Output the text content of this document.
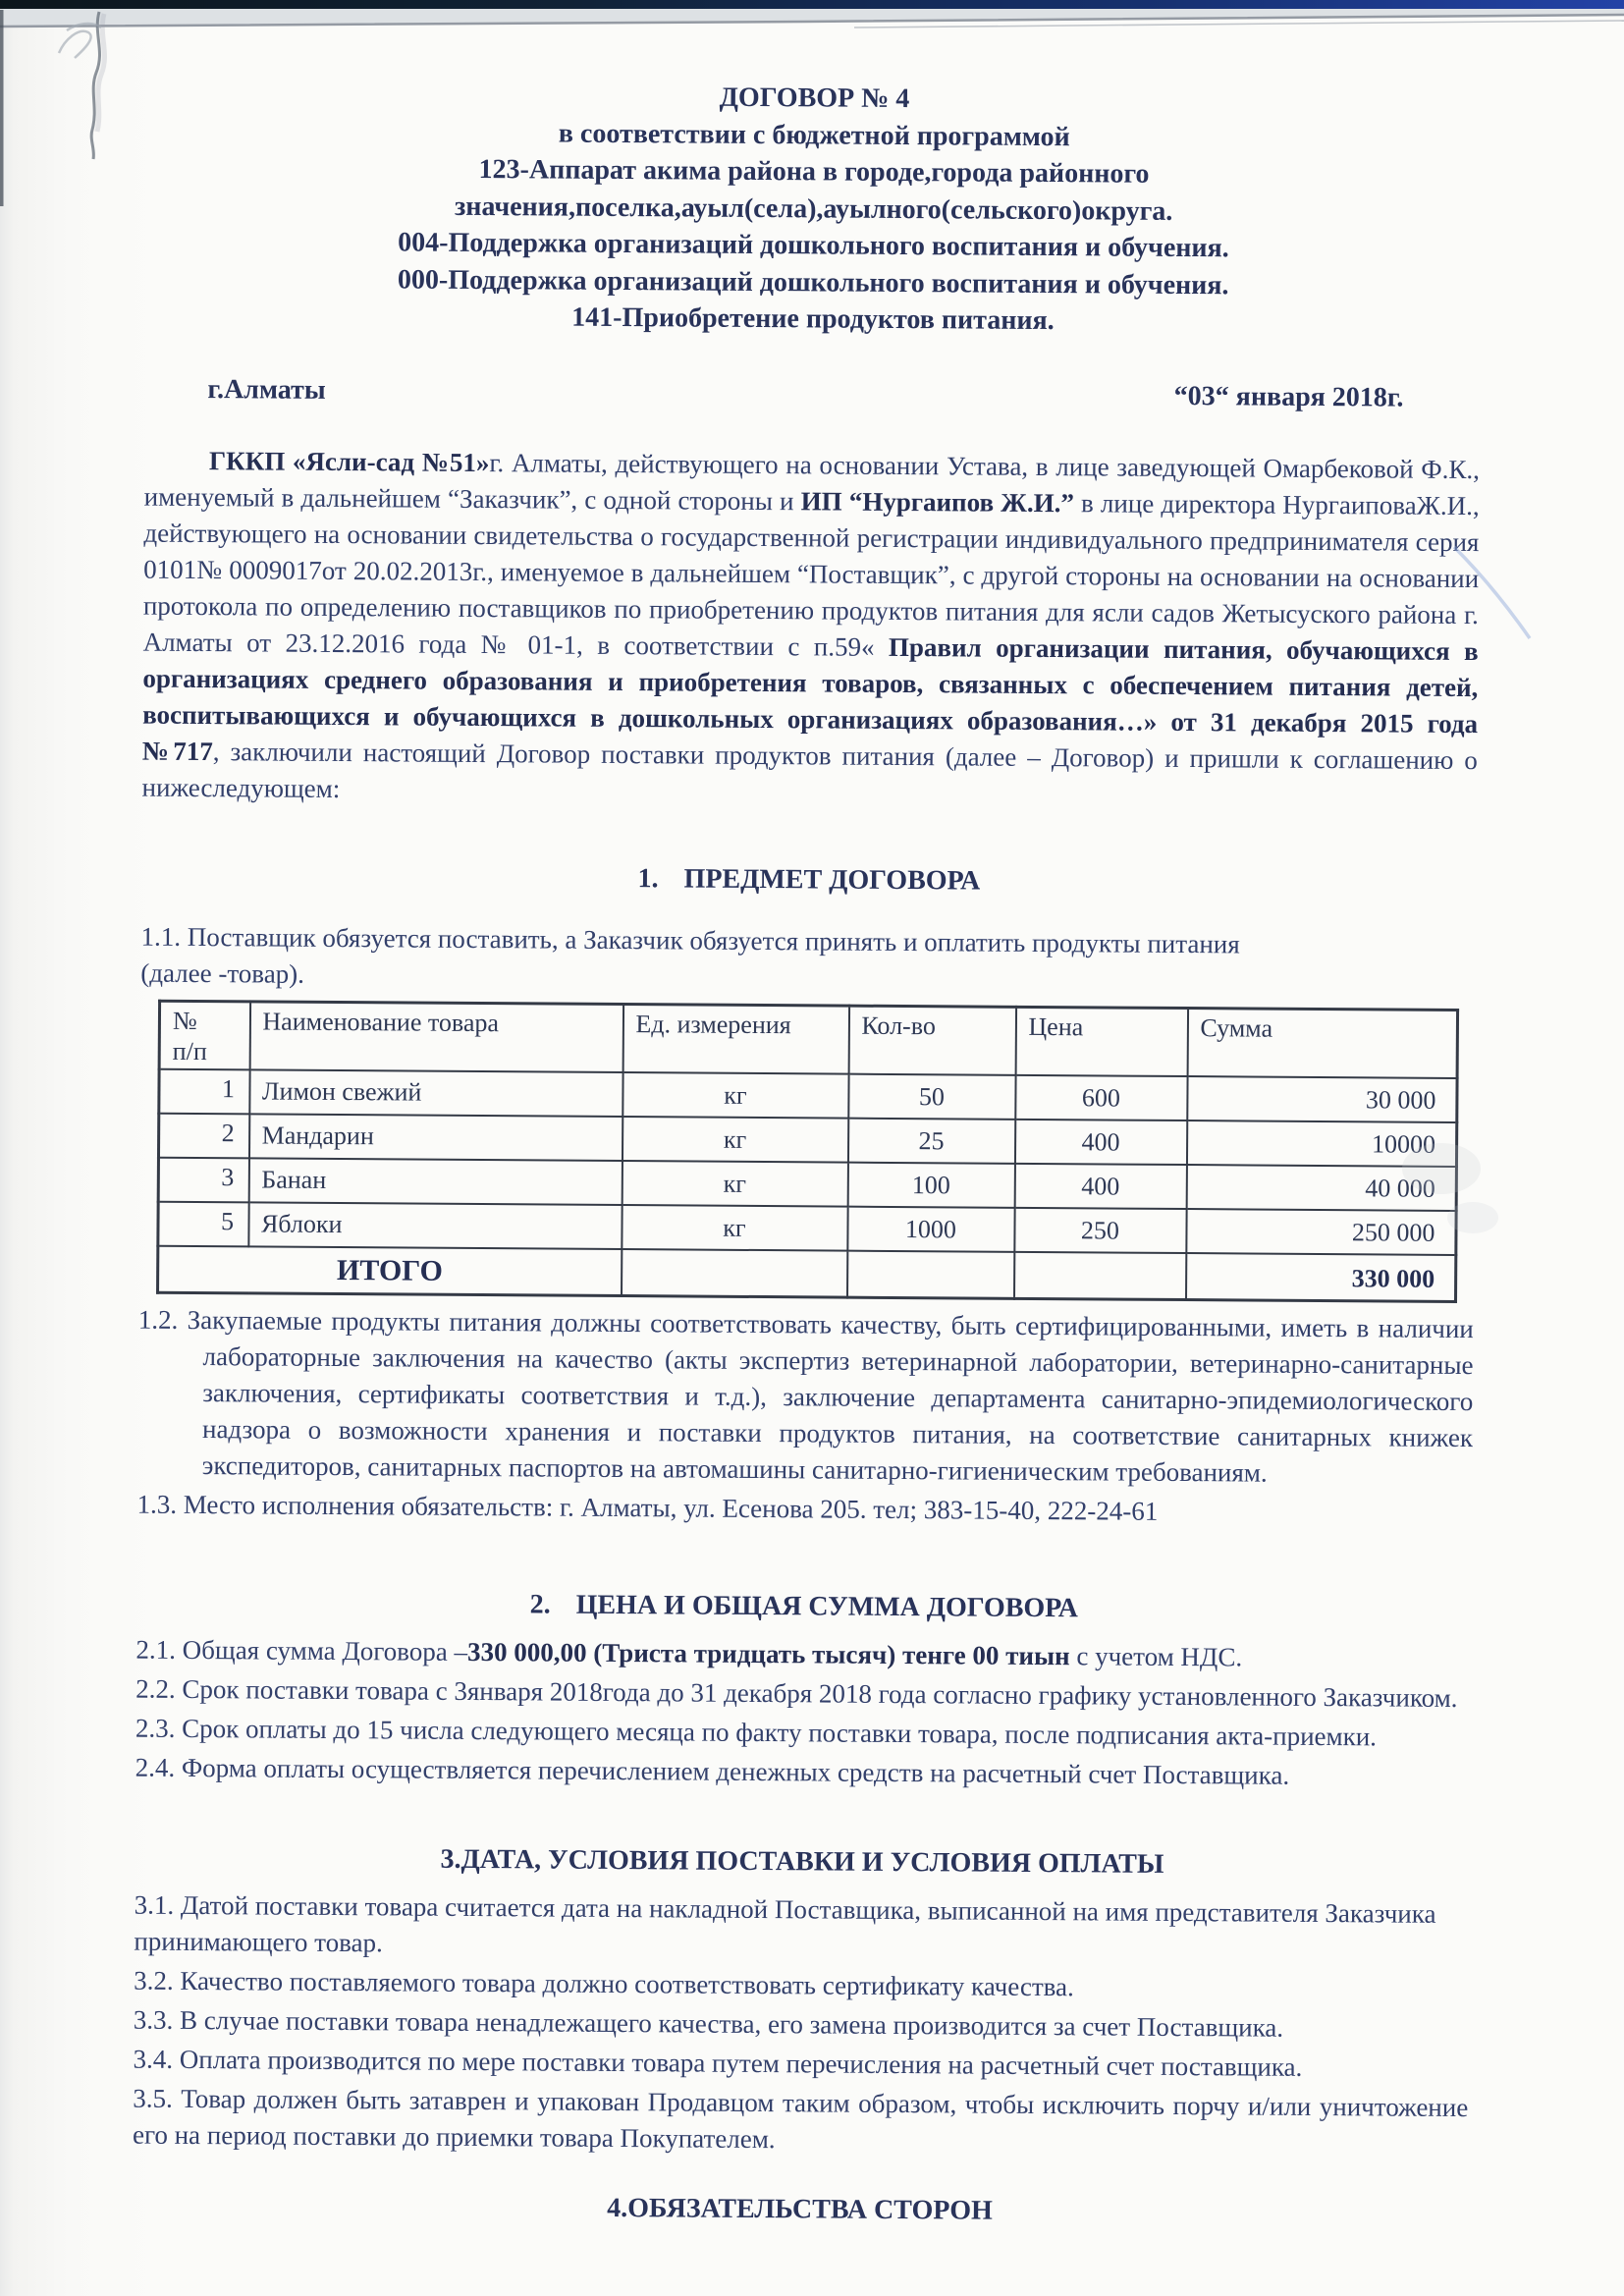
ДОГОВОР № 4
в соответствии с бюджетной программой
123-Аппарат акима района в городе,города районного
значения,поселка,ауыл(села),ауылного(сельского)округа.
004-Поддержка организаций дошкольного воспитания и обучения.
000-Поддержка организаций дошкольного воспитания и обучения.
141-Приобретение продуктов питания.
г.Алматы	“03“ января 2018г.

ГККП «Ясли-сад №51»г. Алматы, действующего на основании Устава, в лице заведующей Омарбековой Ф.К., именуемый в дальнейшем “Заказчик”, с одной стороны и ИП “Нургаипов Ж.И.” в лице директора НургаиповаЖ.И., действующего на основании свидетельства о государственной регистрации индивидуального предпринимателя серия 0101№ 0009017от 20.02.2013г., именуемое в дальнейшем “Поставщик”, с другой стороны на основании на основании протокола по определению поставщиков по приобретению продуктов питания для ясли садов Жетысуского района г. Алматы от 23.12.2016 года № 01-1, в соответствии с п.59« Правил организации питания, обучающихся в организациях среднего образования и приобретения товаров, связанных с обеспечением питания детей, воспитывающихся и обучающихся в дошкольных организациях образования…» от 31 декабря 2015 года №717, заключили настоящий Договор поставки продуктов питания (далее – Договор) и пришли к соглашению о нижеследующем:

1. ПРЕДМЕТ ДОГОВОРА
1.1. Поставщик обязуется поставить, а Заказчик обязуется принять и оплатить продукты питания
(далее -товар).
№
п/п	Наименование товара	Ед. измерения	Кол-во	Цена	Сумма
1	Лимон свежий	кг	50	600	30 000
2	Мандарин	кг	25	400	10000
3	Банан	кг	100	400	40 000
5	Яблоки	кг	1000	250	250 000
ИТОГО					330 000

1.2. Закупаемые продукты питания должны соответствовать качеству, быть сертифицированными, иметь в наличии лабораторные заключения на качество (акты экспертиз ветеринарной лаборатории, ветеринарно-санитарные заключения, сертификаты соответствия и т.д.), заключение департамента санитарно-эпидемиологического надзора о возможности хранения и поставки продуктов питания, на соответствие санитарных книжек экспедиторов, санитарных паспортов на автомашины санитарно-гигиеническим требованиям.

1.3. Место исполнения обязательств: г. Алматы, ул. Есенова 205. тел; 383-15-40, 222-24-61

2. ЦЕНА И ОБЩАЯ СУММА ДОГОВОРА

2.1. Общая сумма Договора –330 000,00 (Триста тридцать тысяч) тенге 00 тиын с учетом НДС.

2.2. Срок поставки товара с 3января 2018года до 31 декабря 2018 года согласно графику установленного Заказчиком.

2.3. Срок оплаты до 15 числа следующего месяца по факту поставки товара, после подписания акта-приемки.

2.4. Форма оплаты осуществляется перечислением денежных средств на расчетный счет Поставщика.

3.ДАТА, УСЛОВИЯ ПОСТАВКИ И УСЛОВИЯ ОПЛАТЫ

3.1. Датой поставки товара считается дата на накладной Поставщика, выписанной на имя представителя Заказчика принимающего товар.

3.2. Качество поставляемого товара должно соответствовать сертификату качества.

3.3. В случае поставки товара ненадлежащего качества, его замена производится за счет Поставщика.

3.4. Оплата производится по мере поставки товара путем перечисления на расчетный счет поставщика.

3.5. Товар должен быть затаврен и упакован Продавцом таким образом, чтобы исключить порчу и/или уничтожение его на период поставки до приемки товара Покупателем.

4.ОБЯЗАТЕЛЬСТВА СТОРОН
